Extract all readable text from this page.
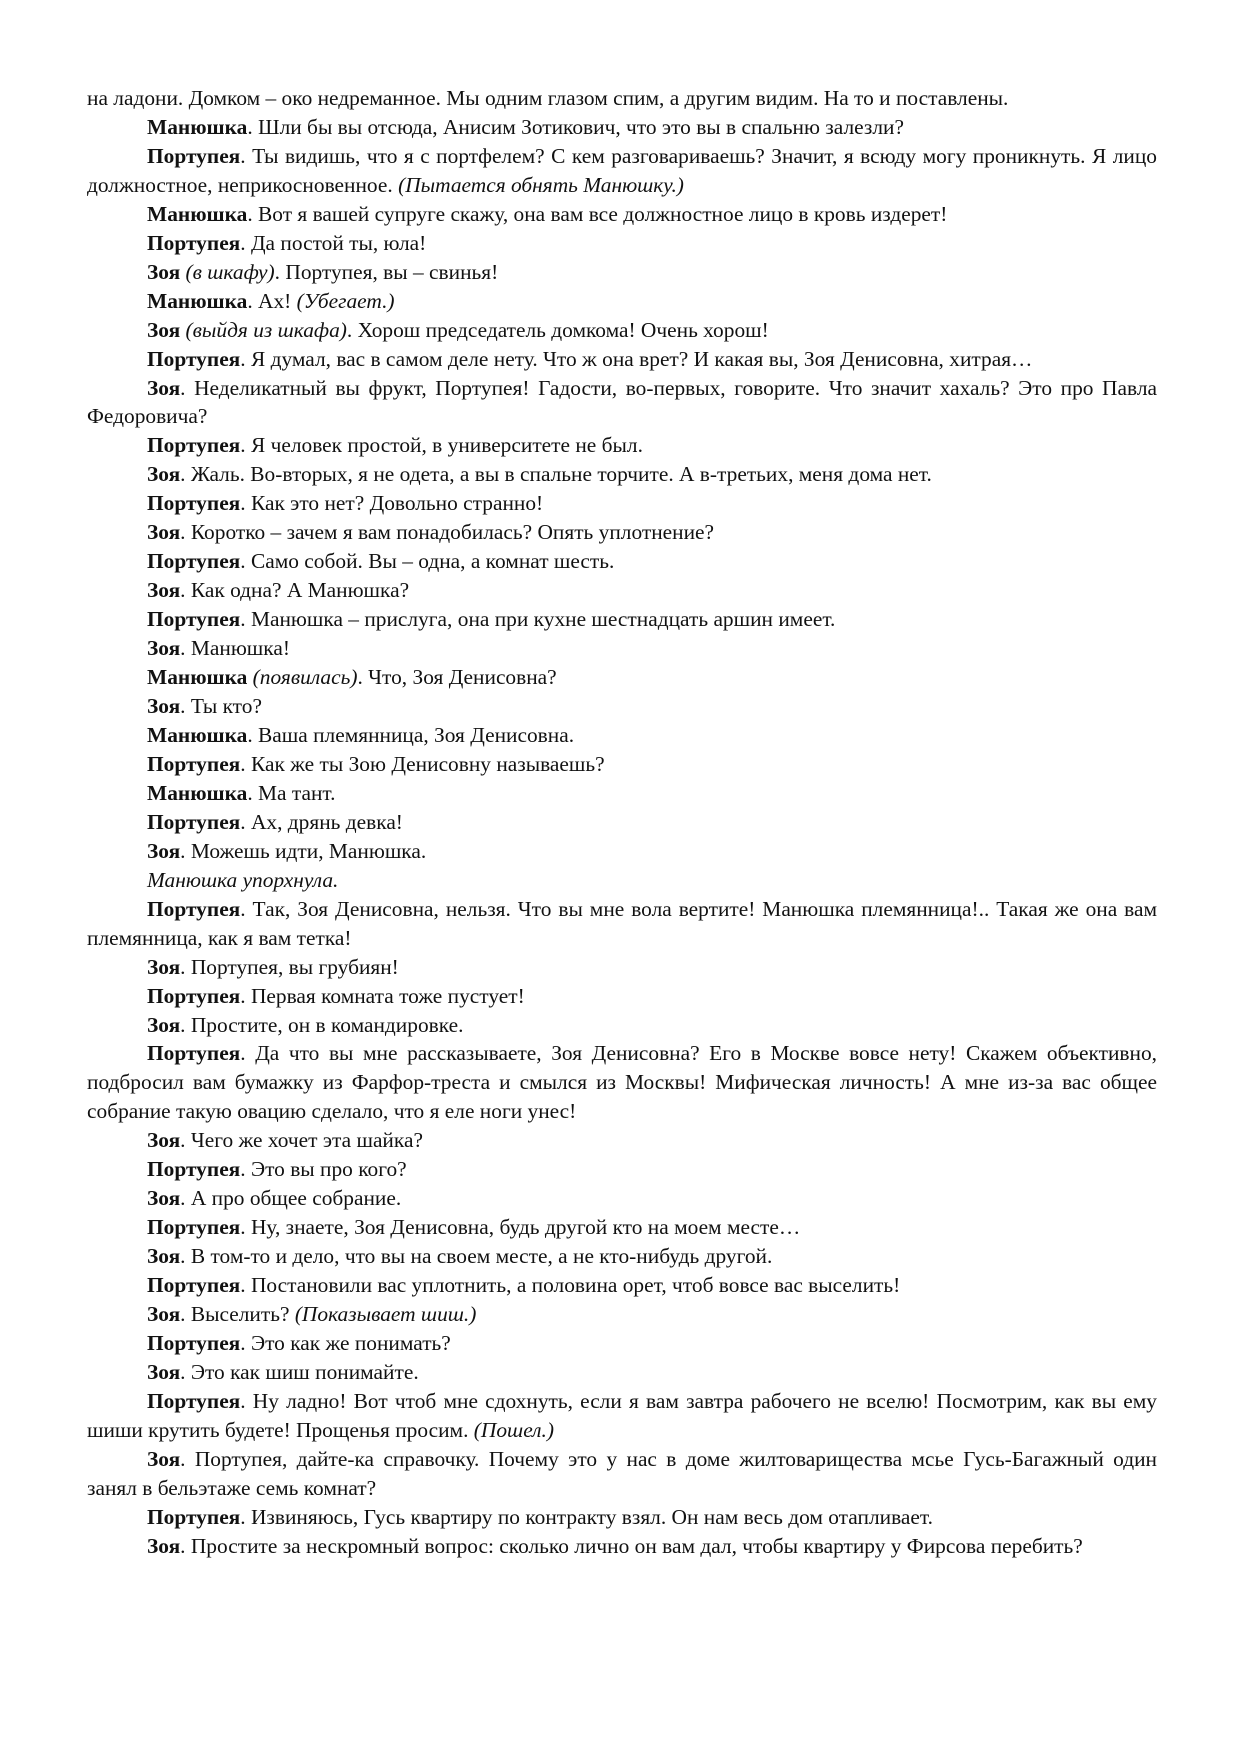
на ладони. Домком – око недреманное. Мы одним глазом спим, а другим видим. На то и поставлены.

Манюшка. Шли бы вы отсюда, Анисим Зотикович, что это вы в спальню залезли?

Портупея. Ты видишь, что я с портфелем? С кем разговариваешь? Значит, я всюду могу проникнуть. Я лицо должностное, неприкосновенное. (Пытается обнять Манюшку.)

Манюшка. Вот я вашей супруге скажу, она вам все должностное лицо в кровь издерет!

Портупея. Да постой ты, юла!

Зоя (в шкафу). Портупея, вы – свинья!

Манюшка. Ах! (Убегает.)

Зоя (выйдя из шкафа). Хорош председатель домкома! Очень хорош!

Портупея. Я думал, вас в самом деле нету. Что ж она врет? И какая вы, Зоя Денисовна, хитрая…

Зоя. Неделикатный вы фрукт, Портупея! Гадости, во-первых, говорите. Что значит хахаль? Это про Павла Федоровича?

Портупея. Я человек простой, в университете не был.

Зоя. Жаль. Во-вторых, я не одета, а вы в спальне торчите. А в-третьих, меня дома нет.

Портупея. Как это нет? Довольно странно!

Зоя. Коротко – зачем я вам понадобилась? Опять уплотнение?

Портупея. Само собой. Вы – одна, а комнат шесть.

Зоя. Как одна? А Манюшка?

Портупея. Манюшка – прислуга, она при кухне шестнадцать аршин имеет.

Зоя. Манюшка!

Манюшка (появилась). Что, Зоя Денисовна?

Зоя. Ты кто?

Манюшка. Ваша племянница, Зоя Денисовна.

Портупея. Как же ты Зою Денисовну называешь?

Манюшка. Ма тант.

Портупея. Ах, дрянь девка!

Зоя. Можешь идти, Манюшка.

Манюшка упорхнула.

Портупея. Так, Зоя Денисовна, нельзя. Что вы мне вола вертите! Манюшка племянница!.. Такая же она вам племянница, как я вам тетка!

Зоя. Портупея, вы грубиян!

Портупея. Первая комната тоже пустует!

Зоя. Простите, он в командировке.

Портупея. Да что вы мне рассказываете, Зоя Денисовна? Его в Москве вовсе нету! Скажем объективно, подбросил вам бумажку из Фарфор-треста и смылся из Москвы! Мифическая личность! А мне из-за вас общее собрание такую овацию сделало, что я еле ноги унес!

Зоя. Чего же хочет эта шайка?

Портупея. Это вы про кого?

Зоя. А про общее собрание.

Портупея. Ну, знаете, Зоя Денисовна, будь другой кто на моем месте…

Зоя. В том-то и дело, что вы на своем месте, а не кто-нибудь другой.

Портупея. Постановили вас уплотнить, а половина орет, чтоб вовсе вас выселить!

Зоя. Выселить? (Показывает шиш.)

Портупея. Это как же понимать?

Зоя. Это как шиш понимайте.

Портупея. Ну ладно! Вот чтоб мне сдохнуть, если я вам завтра рабочего не вселю! Посмотрим, как вы ему шиши крутить будете! Прощенья просим. (Пошел.)

Зоя. Портупея, дайте-ка справочку. Почему это у нас в доме жилтоварищества мсье Гусь-Багажный один занял в бельэтаже семь комнат?

Портупея. Извиняюсь, Гусь квартиру по контракту взял. Он нам весь дом отапливает.

Зоя. Простите за нескромный вопрос: сколько лично он вам дал, чтобы квартиру у Фирсова перебить?
